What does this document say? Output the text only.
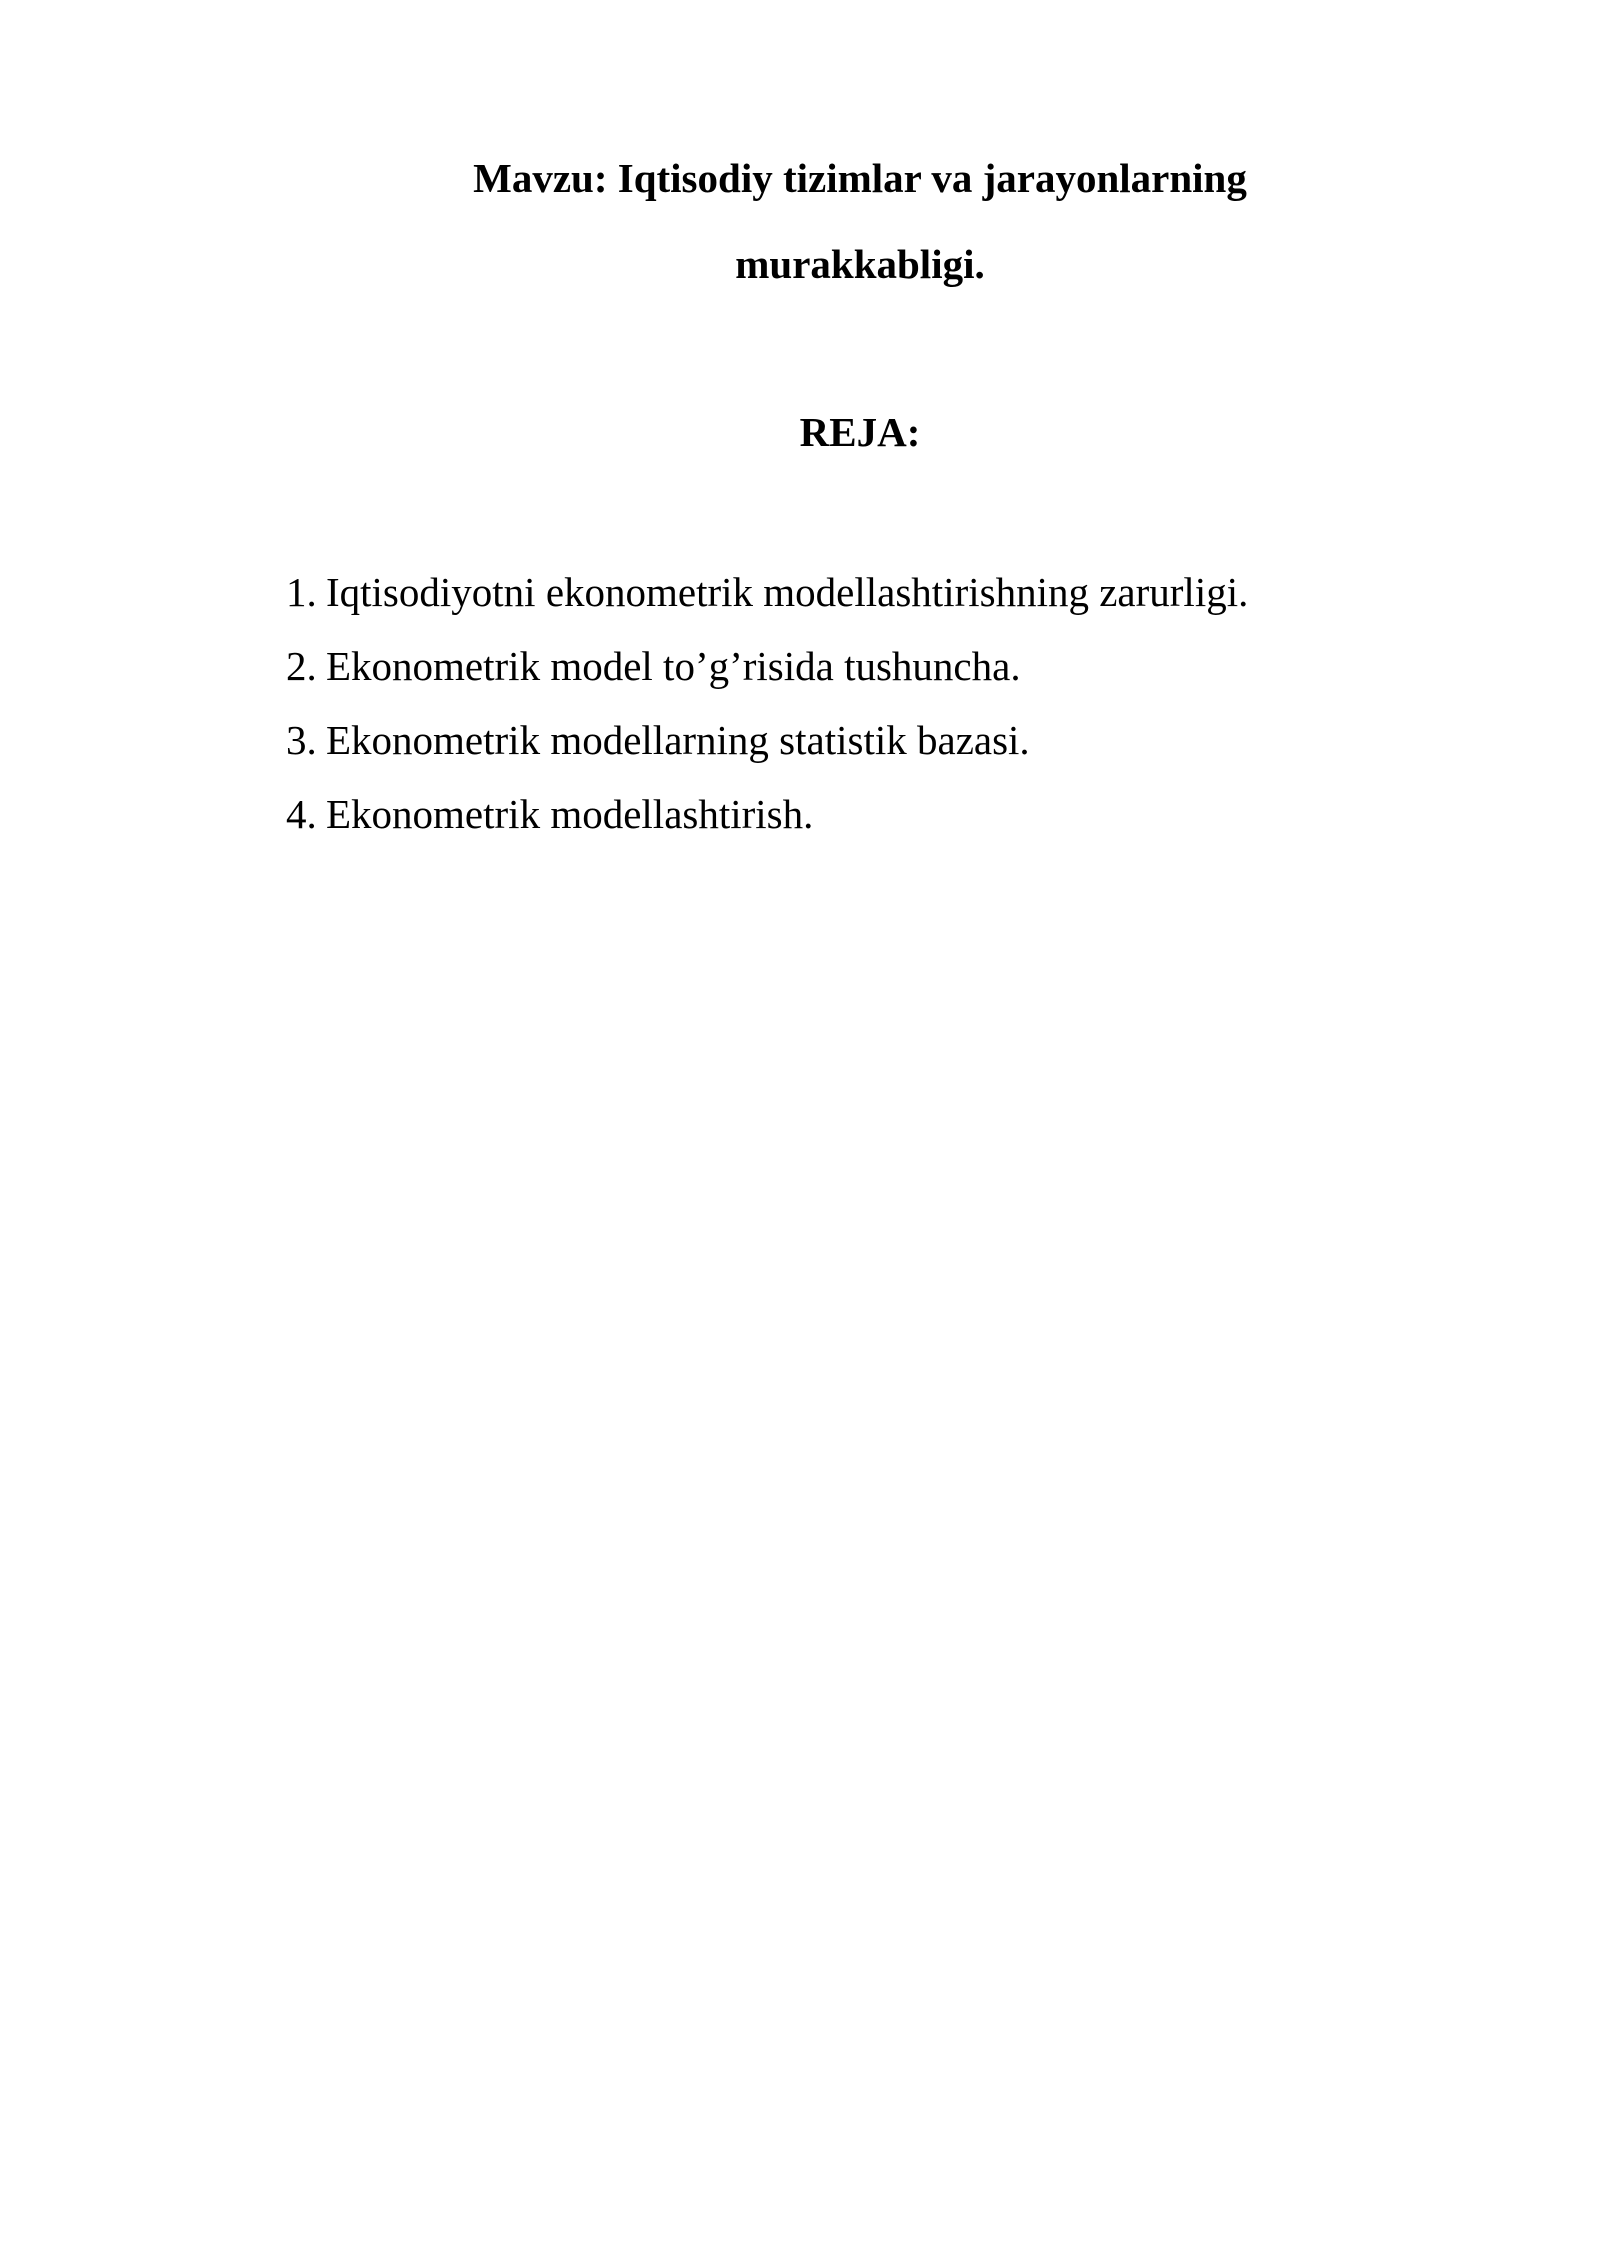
Mavzu: Iqtisodiy tizimlar va jarayonlarning
murakkabligi.
REJA:
1. Iqtisodiyotni ekonometrik modellashtirishning zarurligi.
2. Ekonometrik model to’g’risida tushuncha.
3. Ekonometrik modellarning statistik bazasi.
4. Ekonometrik modellashtirish.
